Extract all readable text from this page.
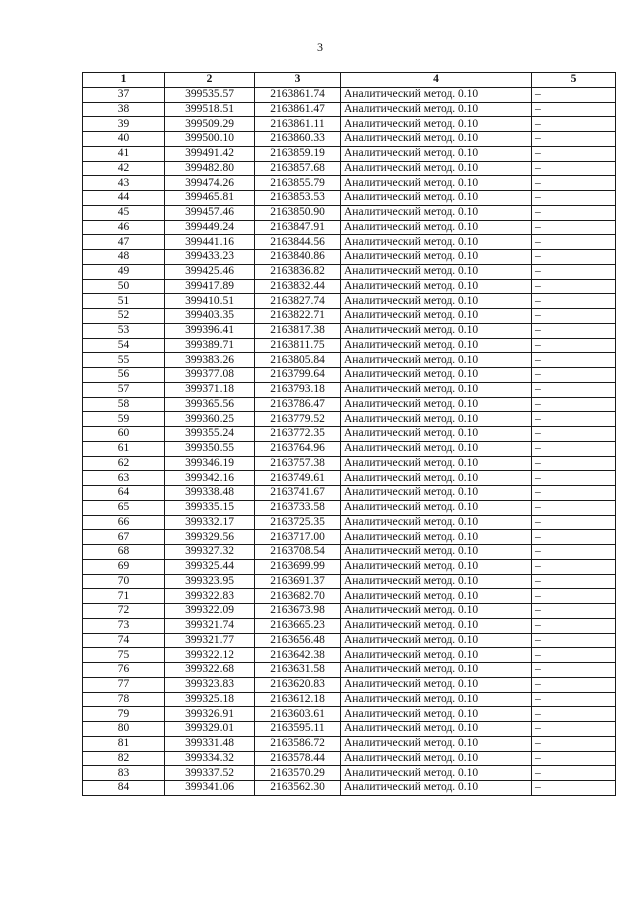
3
1	2	3	4	5
37	399535.57	2163861.74	Аналитический метод. 0.10	–
38	399518.51	2163861.47	Аналитический метод. 0.10	–
39	399509.29	2163861.11	Аналитический метод. 0.10	–
40	399500.10	2163860.33	Аналитический метод. 0.10	–
41	399491.42	2163859.19	Аналитический метод. 0.10	–
42	399482.80	2163857.68	Аналитический метод. 0.10	–
43	399474.26	2163855.79	Аналитический метод. 0.10	–
44	399465.81	2163853.53	Аналитический метод. 0.10	–
45	399457.46	2163850.90	Аналитический метод. 0.10	–
46	399449.24	2163847.91	Аналитический метод. 0.10	–
47	399441.16	2163844.56	Аналитический метод. 0.10	–
48	399433.23	2163840.86	Аналитический метод. 0.10	–
49	399425.46	2163836.82	Аналитический метод. 0.10	–
50	399417.89	2163832.44	Аналитический метод. 0.10	–
51	399410.51	2163827.74	Аналитический метод. 0.10	–
52	399403.35	2163822.71	Аналитический метод. 0.10	–
53	399396.41	2163817.38	Аналитический метод. 0.10	–
54	399389.71	2163811.75	Аналитический метод. 0.10	–
55	399383.26	2163805.84	Аналитический метод. 0.10	–
56	399377.08	2163799.64	Аналитический метод. 0.10	–
57	399371.18	2163793.18	Аналитический метод. 0.10	–
58	399365.56	2163786.47	Аналитический метод. 0.10	–
59	399360.25	2163779.52	Аналитический метод. 0.10	–
60	399355.24	2163772.35	Аналитический метод. 0.10	–
61	399350.55	2163764.96	Аналитический метод. 0.10	–
62	399346.19	2163757.38	Аналитический метод. 0.10	–
63	399342.16	2163749.61	Аналитический метод. 0.10	–
64	399338.48	2163741.67	Аналитический метод. 0.10	–
65	399335.15	2163733.58	Аналитический метод. 0.10	–
66	399332.17	2163725.35	Аналитический метод. 0.10	–
67	399329.56	2163717.00	Аналитический метод. 0.10	–
68	399327.32	2163708.54	Аналитический метод. 0.10	–
69	399325.44	2163699.99	Аналитический метод. 0.10	–
70	399323.95	2163691.37	Аналитический метод. 0.10	–
71	399322.83	2163682.70	Аналитический метод. 0.10	–
72	399322.09	2163673.98	Аналитический метод. 0.10	–
73	399321.74	2163665.23	Аналитический метод. 0.10	–
74	399321.77	2163656.48	Аналитический метод. 0.10	–
75	399322.12	2163642.38	Аналитический метод. 0.10	–
76	399322.68	2163631.58	Аналитический метод. 0.10	–
77	399323.83	2163620.83	Аналитический метод. 0.10	–
78	399325.18	2163612.18	Аналитический метод. 0.10	–
79	399326.91	2163603.61	Аналитический метод. 0.10	–
80	399329.01	2163595.11	Аналитический метод. 0.10	–
81	399331.48	2163586.72	Аналитический метод. 0.10	–
82	399334.32	2163578.44	Аналитический метод. 0.10	–
83	399337.52	2163570.29	Аналитический метод. 0.10	–
84	399341.06	2163562.30	Аналитический метод. 0.10	–
